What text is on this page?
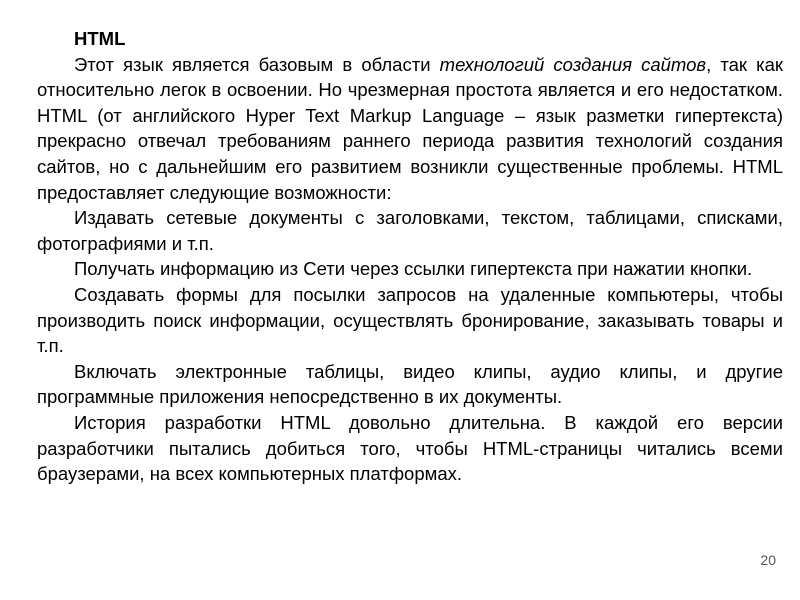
HTML

Этот язык является базовым в области технологий создания сайтов, так как относительно легок в освоении. Но чрезмерная простота является и его недостатком. HTML (от английского Hyper Text Markup Language – язык разметки гипертекста) прекрасно отвечал требованиям раннего периода развития технологий создания сайтов, но с дальнейшим его развитием возникли существенные проблемы. HTML предоставляет следующие возможности:

Издавать сетевые документы с заголовками, текстом, таблицами, списками, фотографиями и т.п.

Получать информацию из Сети через ссылки гипертекста при нажатии кнопки.

Создавать формы для посылки запросов на удаленные компьютеры, чтобы производить поиск информации, осуществлять бронирование, заказывать товары и т.п.

Включать электронные таблицы, видео клипы, аудио клипы, и другие программные приложения непосредственно в их документы.

История разработки HTML довольно длительна. В каждой его версии разработчики пытались добиться того, чтобы HTML-страницы читались всеми браузерами, на всех компьютерных платформах.

20
